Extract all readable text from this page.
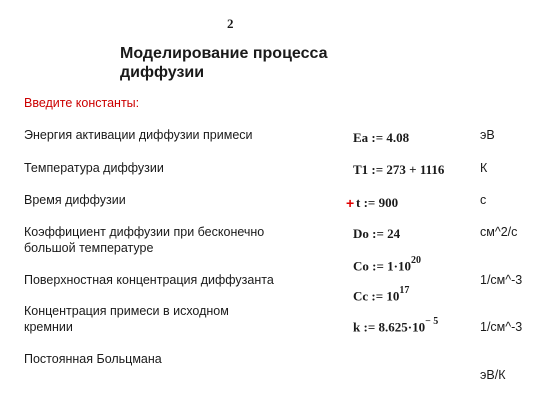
2
Моделирование процесса диффузии
Введите константы:
Энергия активации диффузии примеси
Температура диффузии
Время диффузии
Коэффициент диффузии при бесконечно большой температуре
Поверхностная концентрация диффузанта
Концентрация примеси в исходном кремнии
Постоянная Больцмана
Ea := 4.08
T1 := 273 + 1116
+ t := 900
Do := 24
Co := $1\cdot 10^{20}$
Cc := $10^{17}$
k := $8.625\cdot 10^{- 5}$
эВ
К
с
см^2/с
1/см^-3
1/см^-3
эВ/К
